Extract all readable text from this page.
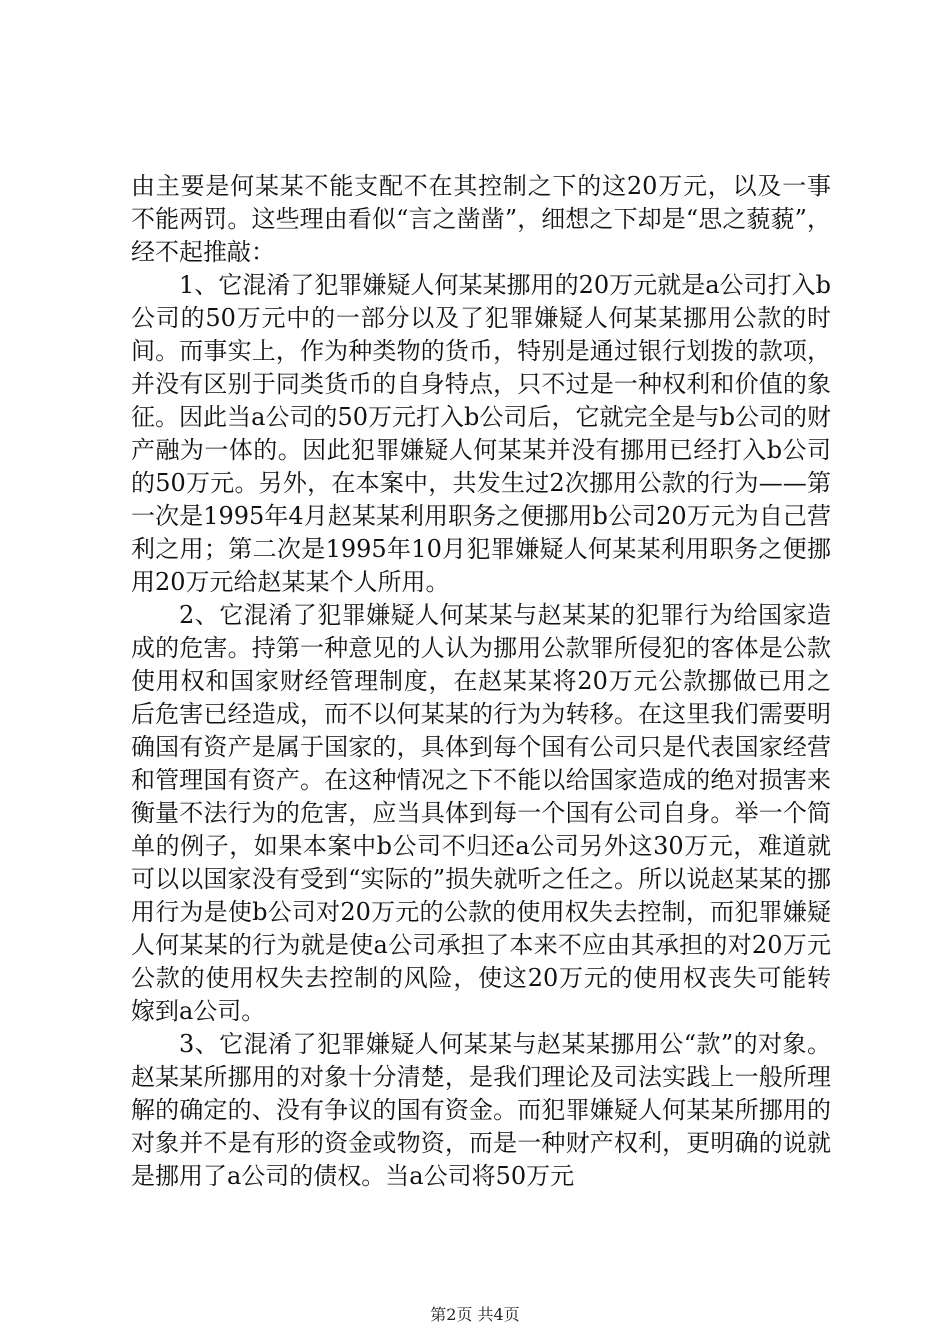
由主要是何某某不能支配不在其控制之下的这20万元，以及一事不能两罚。这些理由看似“言之凿凿”，细想之下却是“思之藐藐”，经不起推敲：

1、它混淆了犯罪嫌疑人何某某挪用的20万元就是a公司打入b公司的50万元中的一部分以及了犯罪嫌疑人何某某挪用公款的时间。而事实上，作为种类物的货币，特别是通过银行划拨的款项，并没有区别于同类货币的自身特点，只不过是一种权利和价值的象征。因此当a公司的50万元打入b公司后，它就完全是与b公司的财产融为一体的。因此犯罪嫌疑人何某某并没有挪用已经打入b公司的50万元。另外，在本案中，共发生过2次挪用公款的行为——第一次是1995年4月赵某某利用职务之便挪用b公司20万元为自己营利之用；第二次是1995年10月犯罪嫌疑人何某某利用职务之便挪用20万元给赵某某个人所用。

2、它混淆了犯罪嫌疑人何某某与赵某某的犯罪行为给国家造成的危害。持第一种意见的人认为挪用公款罪所侵犯的客体是公款使用权和国家财经管理制度，在赵某某将20万元公款挪做已用之后危害已经造成，而不以何某某的行为为转移。在这里我们需要明确国有资产是属于国家的，具体到每个国有公司只是代表国家经营和管理国有资产。在这种情况之下不能以给国家造成的绝对损害来衡量不法行为的危害，应当具体到每一个国有公司自身。举一个简单的例子，如果本案中b公司不归还a公司另外这30万元，难道就可以以国家没有受到“实际的”损失就听之任之。所以说赵某某的挪用行为是使b公司对20万元的公款的使用权失去控制，而犯罪嫌疑人何某某的行为就是使a公司承担了本来不应由其承担的对20万元公款的使用权失去控制的风险，使这20万元的使用权丧失可能转嫁到a公司。

3、它混淆了犯罪嫌疑人何某某与赵某某挪用公“款”的对象。赵某某所挪用的对象十分清楚，是我们理论及司法实践上一般所理解的确定的、没有争议的国有资金。而犯罪嫌疑人何某某所挪用的对象并不是有形的资金或物资，而是一种财产权利，更明确的说就是挪用了a公司的债权。当a公司将50万元

第2页 共4页
